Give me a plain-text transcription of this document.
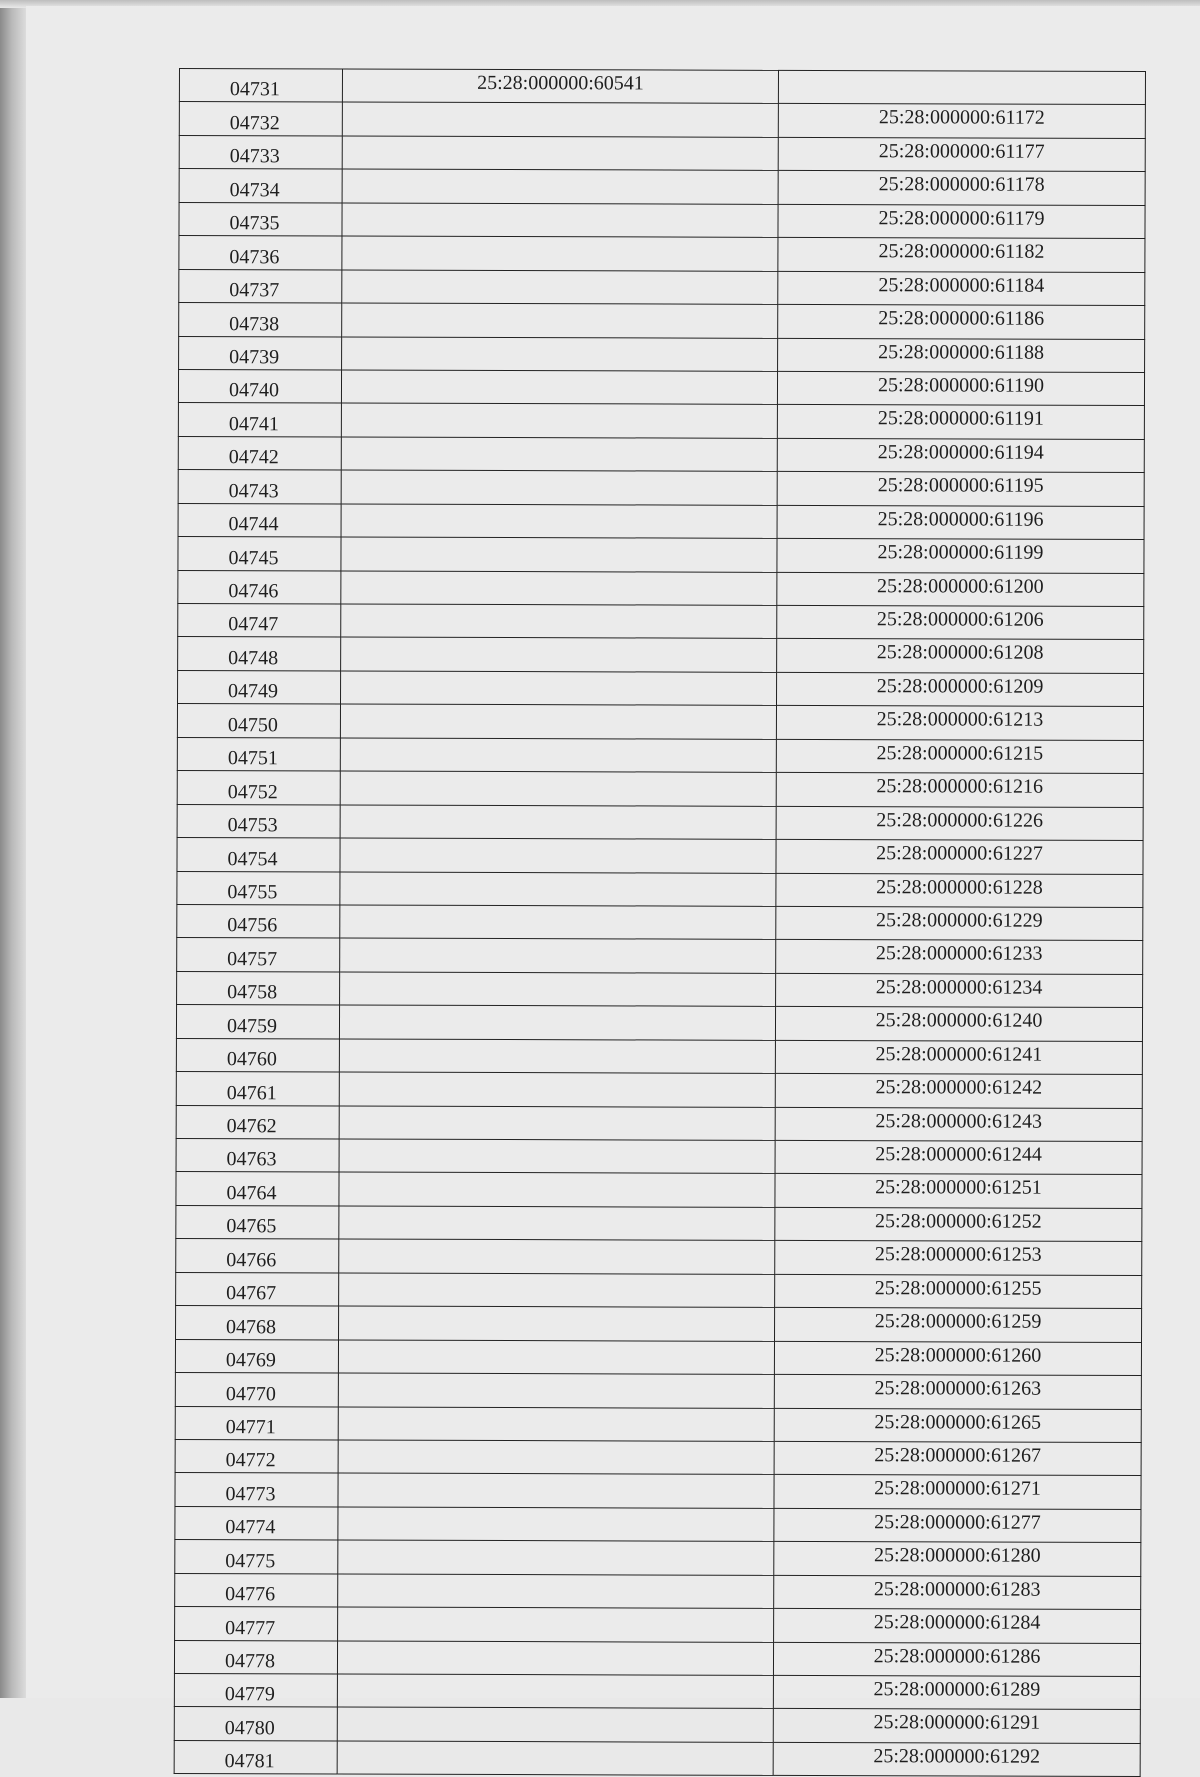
04731	25:28:000000:60541	
04732		25:28:000000:61172
04733		25:28:000000:61177
04734		25:28:000000:61178
04735		25:28:000000:61179
04736		25:28:000000:61182
04737		25:28:000000:61184
04738		25:28:000000:61186
04739		25:28:000000:61188
04740		25:28:000000:61190
04741		25:28:000000:61191
04742		25:28:000000:61194
04743		25:28:000000:61195
04744		25:28:000000:61196
04745		25:28:000000:61199
04746		25:28:000000:61200
04747		25:28:000000:61206
04748		25:28:000000:61208
04749		25:28:000000:61209
04750		25:28:000000:61213
04751		25:28:000000:61215
04752		25:28:000000:61216
04753		25:28:000000:61226
04754		25:28:000000:61227
04755		25:28:000000:61228
04756		25:28:000000:61229
04757		25:28:000000:61233
04758		25:28:000000:61234
04759		25:28:000000:61240
04760		25:28:000000:61241
04761		25:28:000000:61242
04762		25:28:000000:61243
04763		25:28:000000:61244
04764		25:28:000000:61251
04765		25:28:000000:61252
04766		25:28:000000:61253
04767		25:28:000000:61255
04768		25:28:000000:61259
04769		25:28:000000:61260
04770		25:28:000000:61263
04771		25:28:000000:61265
04772		25:28:000000:61267
04773		25:28:000000:61271
04774		25:28:000000:61277
04775		25:28:000000:61280
04776		25:28:000000:61283
04777		25:28:000000:61284
04778		25:28:000000:61286
04779		25:28:000000:61289
04780		25:28:000000:61291
04781		25:28:000000:61292
